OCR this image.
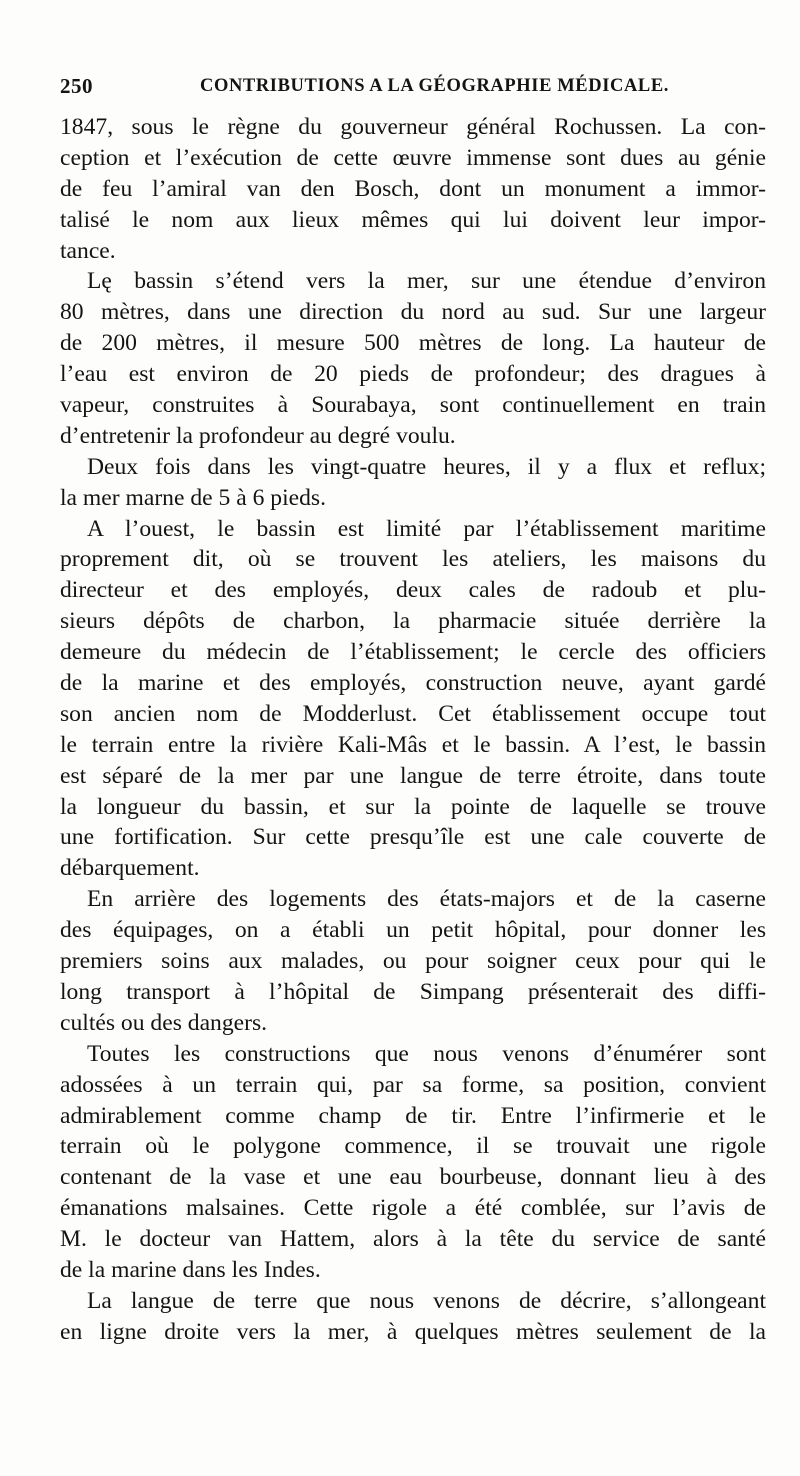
250	CONTRIBUTIONS A LA GÉOGRAPHIE MÉDICALE.
1847, sous le règne du gouverneur général Rochussen. La con-
ception et l’exécution de cette œuvre immense sont dues au génie
de feu l’amiral van den Bosch, dont un monument a immor-
talisé le nom aux lieux mêmes qui lui doivent leur impor-
tance.
Lę bassin s’étend vers la mer, sur une étendue d’environ
80 mètres, dans une direction du nord au sud. Sur une largeur
de 200 mètres, il mesure 500 mètres de long. La hauteur de
l’eau est environ de 20 pieds de profondeur; des dragues à
vapeur, construites à Sourabaya, sont continuellement en train
d’entretenir la profondeur au degré voulu.
Deux fois dans les vingt-quatre heures, il y a flux et reflux;
la mer marne de 5 à 6 pieds.
A l’ouest, le bassin est limité par l’établissement maritime
proprement dit, où se trouvent les ateliers, les maisons du
directeur et des employés, deux cales de radoub et plu-
sieurs dépôts de charbon, la pharmacie située derrière la
demeure du médecin de l’établissement; le cercle des officiers
de la marine et des employés, construction neuve, ayant gardé
son ancien nom de Modderlust. Cet établissement occupe tout
le terrain entre la rivière Kali-Mâs et le bassin. A l’est, le bassin
est séparé de la mer par une langue de terre étroite, dans toute
la longueur du bassin, et sur la pointe de laquelle se trouve
une fortification. Sur cette presqu’île est une cale couverte de
débarquement.
En arrière des logements des états-majors et de la caserne
des équipages, on a établi un petit hôpital, pour donner les
premiers soins aux malades, ou pour soigner ceux pour qui le
long transport à l’hôpital de Simpang présenterait des diffi-
cultés ou des dangers.
Toutes les constructions que nous venons d’énumérer sont
adossées à un terrain qui, par sa forme, sa position, convient
admirablement comme champ de tir. Entre l’infirmerie et le
terrain où le polygone commence, il se trouvait une rigole
contenant de la vase et une eau bourbeuse, donnant lieu à des
émanations malsaines. Cette rigole a été comblée, sur l’avis de
M. le docteur van Hattem, alors à la tête du service de santé
de la marine dans les Indes.
La langue de terre que nous venons de décrire, s’allongeant
en ligne droite vers la mer, à quelques mètres seulement de la
